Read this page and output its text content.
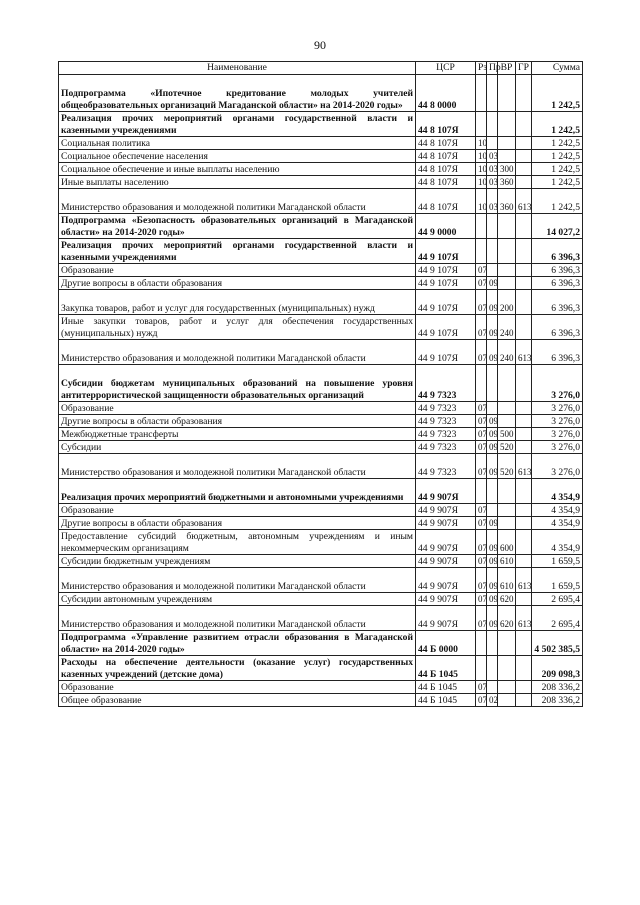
90
Наименование	ЦСР	Рз	Пр	ВР	ГР	Сумма
Подпрограмма «Ипотечное кредитование молодых учителей общеобразовательных организаций Магаданской области» на 2014-2020 годы»	44 8 0000					1 242,5
Реализация прочих мероприятий органами государственной власти и казенными учреждениями	44 8 107Я					1 242,5
Социальная политика	44 8 107Я	10				1 242,5
Социальное обеспечение населения	44 8 107Я	10	03			1 242,5
Социальное обеспечение и иные выплаты населению	44 8 107Я	10	03	300		1 242,5
Иные выплаты населению	44 8 107Я	10	03	360		1 242,5
Министерство образования и молодежной политики Магаданской области	44 8 107Я	10	03	360	613	1 242,5
Подпрограмма «Безопасность образовательных организаций в Магаданской области» на 2014-2020 годы»	44 9 0000					14 027,2
Реализация прочих мероприятий органами государственной власти и казенными учреждениями	44 9 107Я					6 396,3
Образование	44 9 107Я	07				6 396,3
Другие вопросы в области образования	44 9 107Я	07	09			6 396,3
Закупка товаров, работ и услуг для государственных (муниципальных) нужд	44 9 107Я	07	09	200		6 396,3
Иные закупки товаров, работ и услуг для обеспечения государственных (муниципальных) нужд	44 9 107Я	07	09	240		6 396,3
Министерство образования и молодежной политики Магаданской области	44 9 107Я	07	09	240	613	6 396,3
Субсидии бюджетам муниципальных образований на повышение уровня антитеррористической защищенности образовательных организаций	44 9 7323					3 276,0
Образование	44 9 7323	07				3 276,0
Другие вопросы в области образования	44 9 7323	07	09			3 276,0
Межбюджетные трансферты	44 9 7323	07	09	500		3 276,0
Субсидии	44 9 7323	07	09	520		3 276,0
Министерство образования и молодежной политики Магаданской области	44 9 7323	07	09	520	613	3 276,0
Реализация прочих мероприятий бюджетными и автономными учреждениями	44 9 907Я					4 354,9
Образование	44 9 907Я	07				4 354,9
Другие вопросы в области образования	44 9 907Я	07	09			4 354,9
Предоставление субсидий бюджетным, автономным учреждениям и иным некоммерческим организациям	44 9 907Я	07	09	600		4 354,9
Субсидии бюджетным учреждениям	44 9 907Я	07	09	610		1 659,5
Министерство образования и молодежной политики Магаданской области	44 9 907Я	07	09	610	613	1 659,5
Субсидии автономным учреждениям	44 9 907Я	07	09	620		2 695,4
Министерство образования и молодежной политики Магаданской области	44 9 907Я	07	09	620	613	2 695,4
Подпрограмма «Управление развитием отрасли образования в Магаданской области» на 2014-2020 годы»	44 Б 0000					4 502 385,5
Расходы на обеспечение деятельности (оказание услуг) государственных казенных учреждений (детские дома)	44 Б 1045					209 098,3
Образование	44 Б 1045	07				208 336,2
Общее образование	44 Б 1045	07	02			208 336,2
